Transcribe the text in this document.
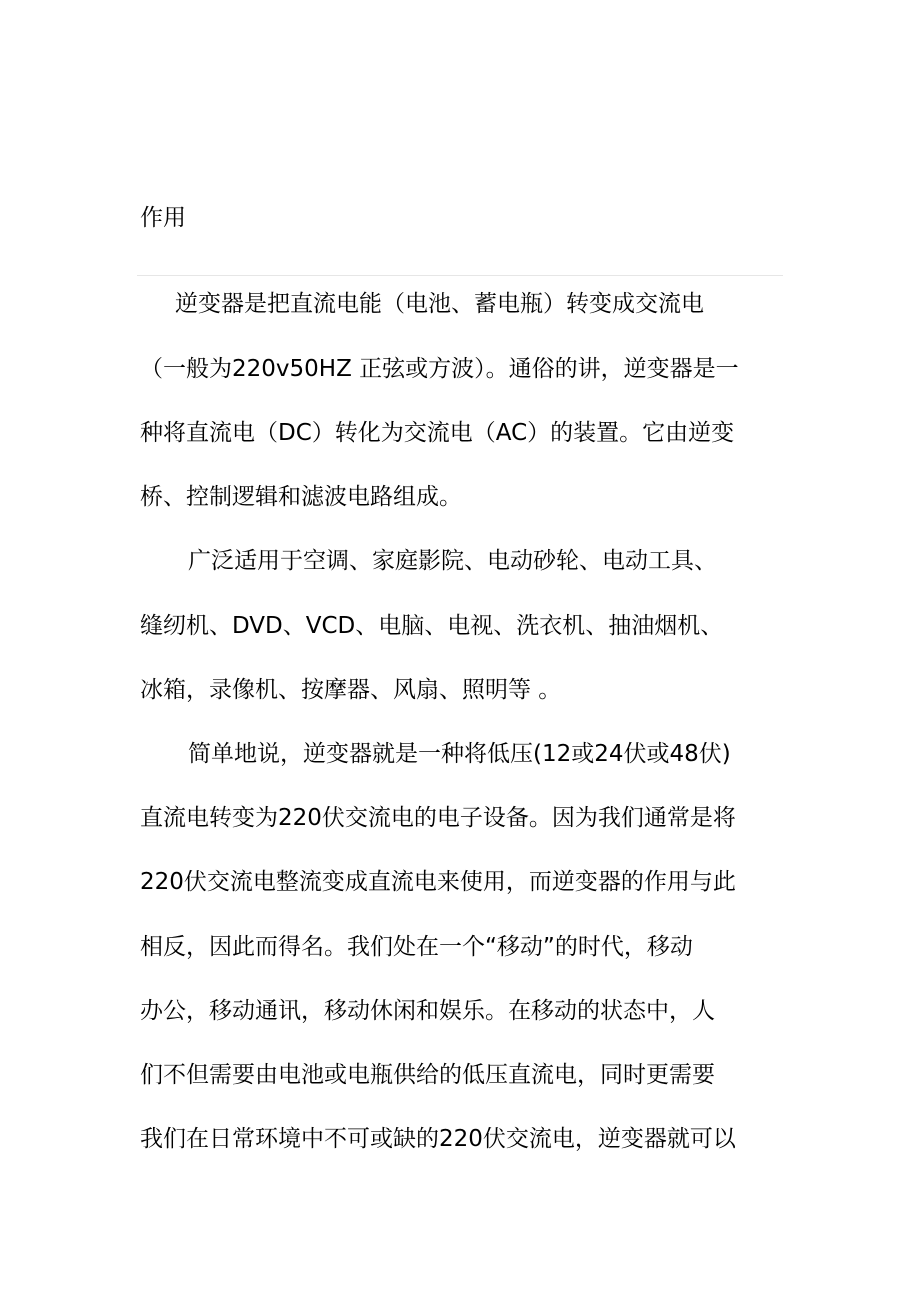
作用

逆变器是把直流电能（电池、蓄电瓶）转变成交流电

（一般为220v50HZ 正弦或方波）。通俗的讲，逆变器是一

种将直流电（DC）转化为交流电（AC）的装置。它由逆变

桥、控制逻辑和滤波电路组成。

广泛适用于空调、家庭影院、电动砂轮、电动工具、

缝纫机、DVD、VCD、电脑、电视、洗衣机、抽油烟机、

冰箱，录像机、按摩器、风扇、照明等 。

简单地说，逆变器就是一种将低压(12或24伏或48伏)

直流电转变为220伏交流电的电子设备。因为我们通常是将

220伏交流电整流变成直流电来使用，而逆变器的作用与此

相反，因此而得名。我们处在一个“移动”的时代，移动

办公，移动通讯，移动休闲和娱乐。在移动的状态中，人

们不但需要由电池或电瓶供给的低压直流电，同时更需要

我们在日常环境中不可或缺的220伏交流电，逆变器就可以
